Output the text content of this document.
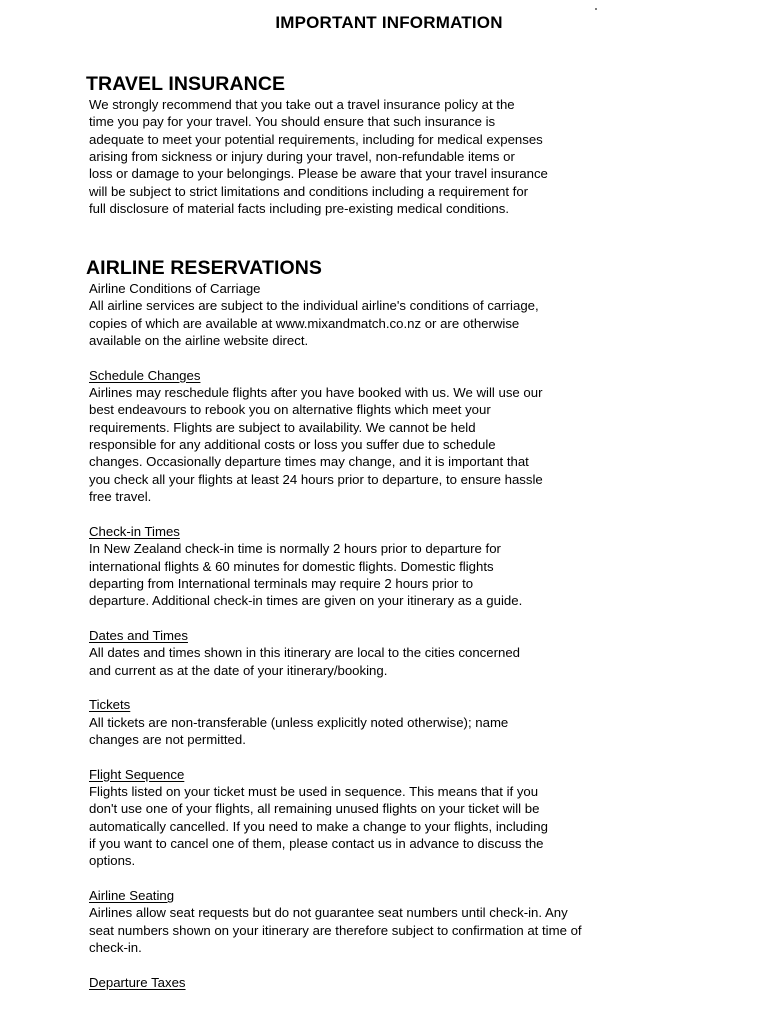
IMPORTANT INFORMATION
TRAVEL INSURANCE

We strongly recommend that you take out a travel insurance policy at the
time you pay for your travel. You should ensure that such insurance is
adequate to meet your potential requirements, including for medical expenses
arising from sickness or injury during your travel, non-refundable items or
loss or damage to your belongings. Please be aware that your travel insurance
will be subject to strict limitations and conditions including a requirement for
full disclosure of material facts including pre-existing medical conditions.

AIRLINE RESERVATIONS

Airline Conditions of Carriage

All airline services are subject to the individual airline's conditions of carriage,
copies of which are available at www.mixandmatch.co.nz or are otherwise
available on the airline website direct.

Schedule Changes

Airlines may reschedule flights after you have booked with us. We will use our
best endeavours to rebook you on alternative flights which meet your
requirements. Flights are subject to availability. We cannot be held
responsible for any additional costs or loss you suffer due to schedule
changes. Occasionally departure times may change, and it is important that
you check all your flights at least 24 hours prior to departure, to ensure hassle
free travel.

Check-in Times

In New Zealand check-in time is normally 2 hours prior to departure for
international flights & 60 minutes for domestic flights. Domestic flights
departing from International terminals may require 2 hours prior to
departure. Additional check-in times are given on your itinerary as a guide.

Dates and Times

All dates and times shown in this itinerary are local to the cities concerned
and current as at the date of your itinerary/booking.

Tickets

All tickets are non-transferable (unless explicitly noted otherwise); name
changes are not permitted.

Flight Sequence

Flights listed on your ticket must be used in sequence. This means that if you
don't use one of your flights, all remaining unused flights on your ticket will be
automatically cancelled. If you need to make a change to your flights, including
if you want to cancel one of them, please contact us in advance to discuss the
options.

Airline Seating

Airlines allow seat requests but do not guarantee seat numbers until check-in. Any
seat numbers shown on your itinerary are therefore subject to confirmation at time of
check-in.

Departure Taxes
